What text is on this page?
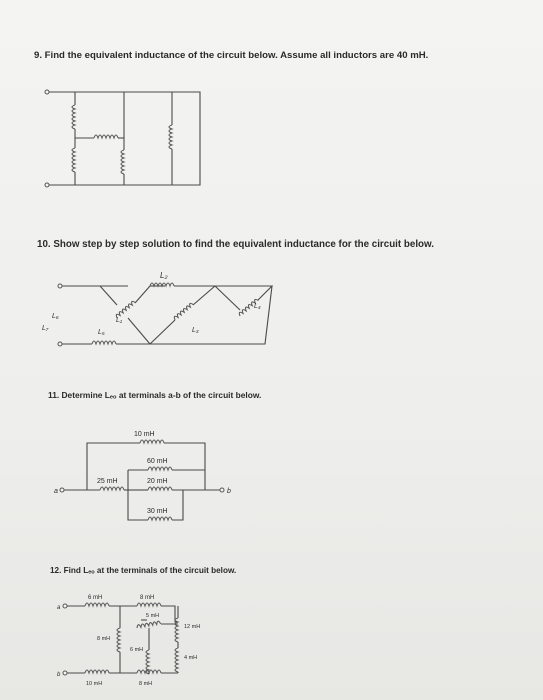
9. Find the equivalent inductance of the circuit below. Assume all inductors are 40 mH.
10. Show step by step solution to find the equivalent inductance for the circuit below.
11. Determine Lₑₒ at terminals a-b of the circuit below.
12. Find Lₑₒ at the terminals of the circuit below.
L₂
L₁
L₃
L₄
L₅
L₆
L₇
10 mH
60 mH
25 mH	20 mH
30 mH
a	b
6 mH	8 mH
5 mH
12 mH
8 mH
6 mH
4 mH
10 mH	8 mH
a
b
